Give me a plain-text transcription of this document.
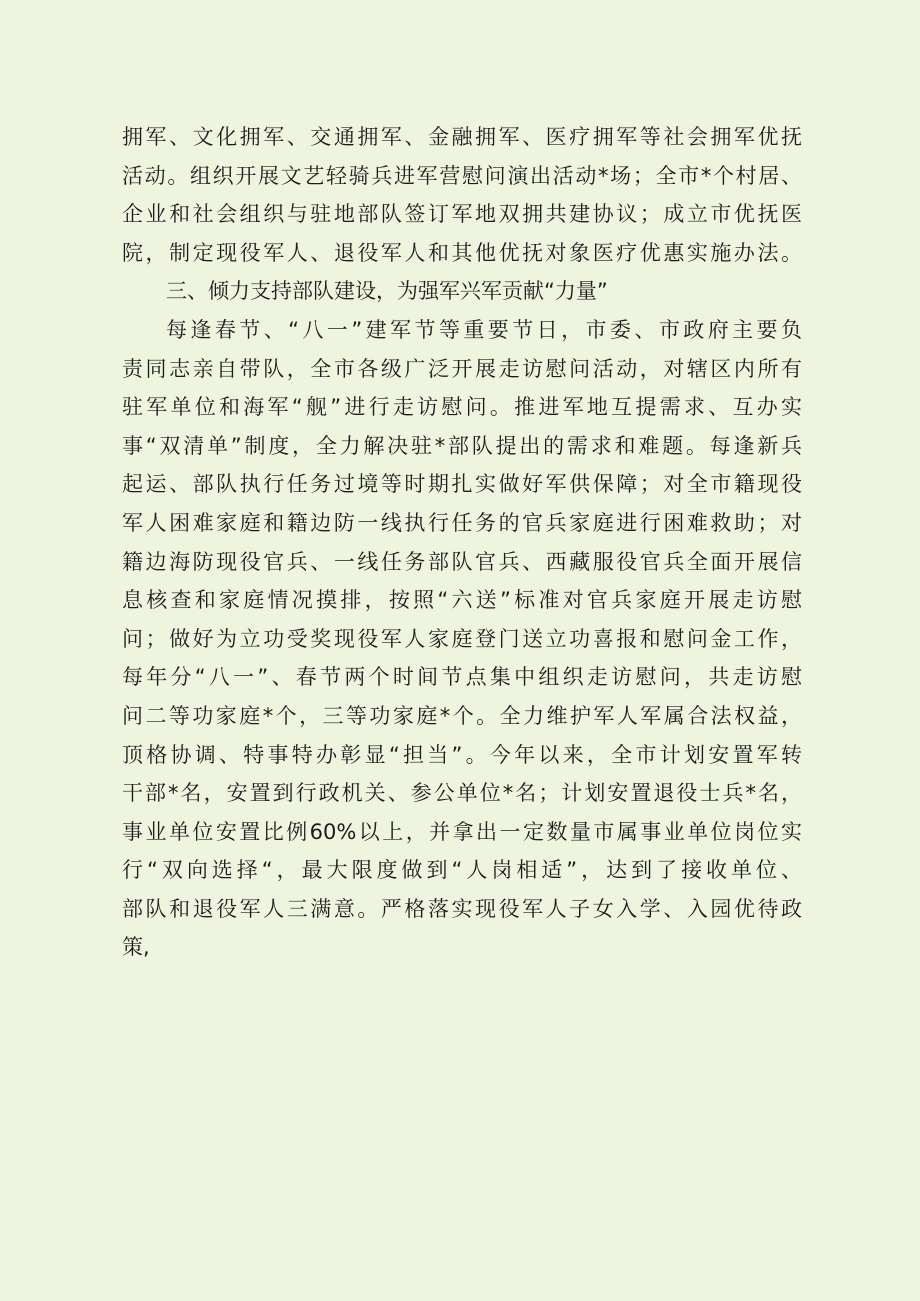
拥军、文化拥军、交通拥军、金融拥军、医疗拥军等社会拥军优抚
活动。组织开展文艺轻骑兵进军营慰问演出活动*场；全市*个村居、
企业和社会组织与驻地部队签订军地双拥共建协议；成立市优抚医
院，制定现役军人、退役军人和其他优抚对象医疗优惠实施办法。
三、倾力支持部队建设，为强军兴军贡献“力量”
每逢春节、“八一”建军节等重要节日，市委、市政府主要负
责同志亲自带队，全市各级广泛开展走访慰问活动，对辖区内所有
驻军单位和海军“舰”进行走访慰问。推进军地互提需求、互办实
事“双清单”制度，全力解决驻*部队提出的需求和难题。每逢新兵
起运、部队执行任务过境等时期扎实做好军供保障；对全市籍现役
军人困难家庭和籍边防一线执行任务的官兵家庭进行困难救助；对
籍边海防现役官兵、一线任务部队官兵、西藏服役官兵全面开展信
息核查和家庭情况摸排，按照“六送”标准对官兵家庭开展走访慰
问；做好为立功受奖现役军人家庭登门送立功喜报和慰问金工作，
每年分“八一”、春节两个时间节点集中组织走访慰问，共走访慰
问二等功家庭*个，三等功家庭*个。全力维护军人军属合法权益，
顶格协调、特事特办彰显“担当”。今年以来，全市计划安置军转
干部*名，安置到行政机关、参公单位*名；计划安置退役士兵*名，
事业单位安置比例60%以上，并拿出一定数量市属事业单位岗位实
行“双向选择“，最大限度做到“人岗相适”，达到了接收单位、
部队和退役军人三满意。严格落实现役军人子女入学、入园优待政
策,
